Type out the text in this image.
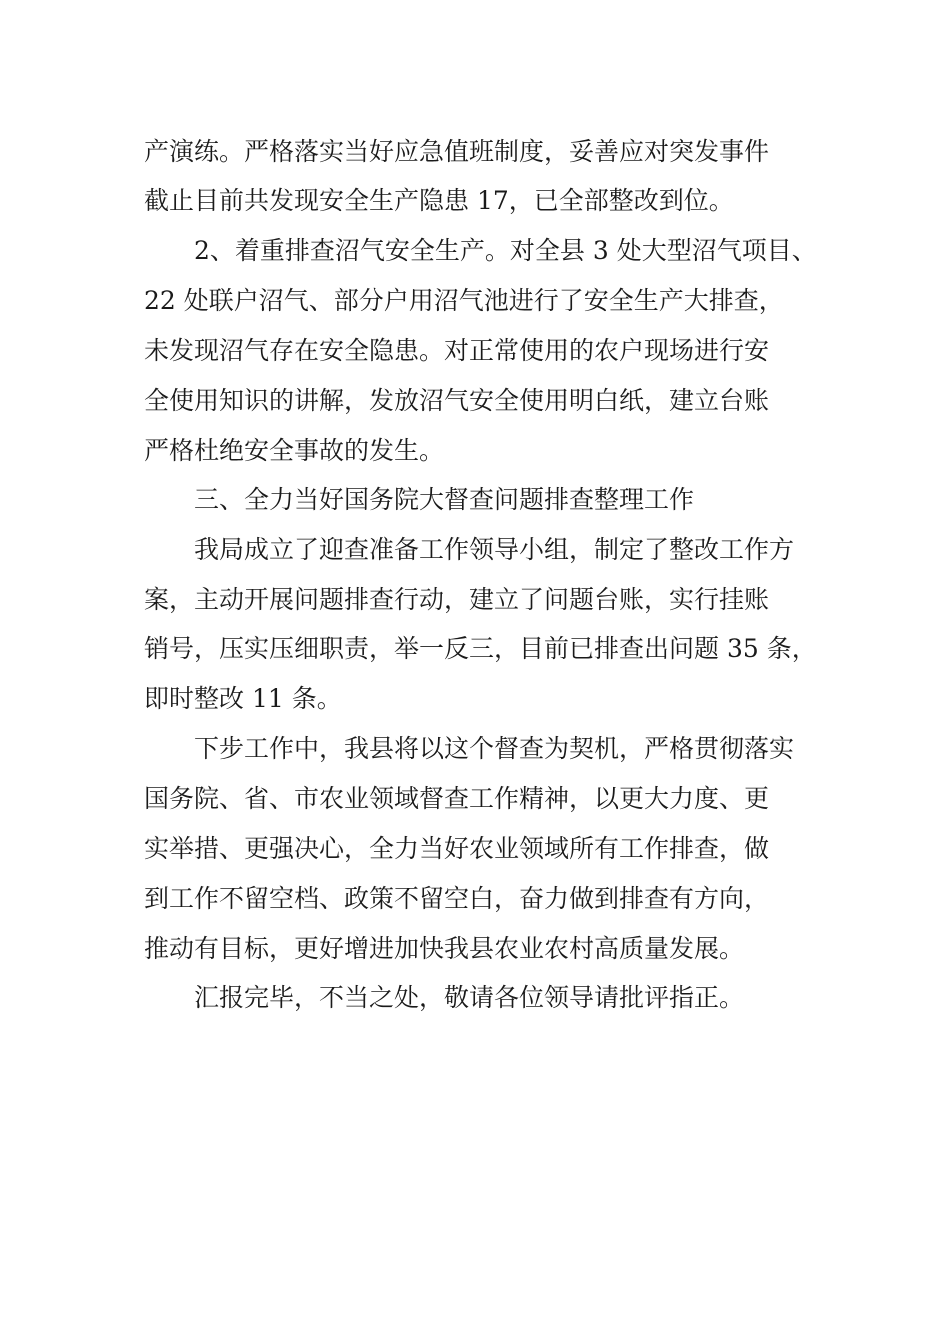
产演练。严格落实当好应急值班制度，妥善应对突发事件
截止目前共发现安全生产隐患 17，已全部整改到位。
2、着重排查沼气安全生产。对全县 3 处大型沼气项目、
22 处联户沼气、部分户用沼气池进行了安全生产大排查，
未发现沼气存在安全隐患。对正常使用的农户现场进行安
全使用知识的讲解，发放沼气安全使用明白纸，建立台账
严格杜绝安全事故的发生。
三、全力当好国务院大督查问题排查整理工作
我局成立了迎查准备工作领导小组，制定了整改工作方
案，主动开展问题排查行动，建立了问题台账，实行挂账
销号，压实压细职责，举一反三，目前已排查出问题 35 条，
即时整改 11 条。
下步工作中，我县将以这个督查为契机，严格贯彻落实
国务院、省、市农业领域督查工作精神，以更大力度、更
实举措、更强决心，全力当好农业领域所有工作排查，做
到工作不留空档、政策不留空白，奋力做到排查有方向，
推动有目标，更好增进加快我县农业农村高质量发展。
汇报完毕，不当之处，敬请各位领导请批评指正。
